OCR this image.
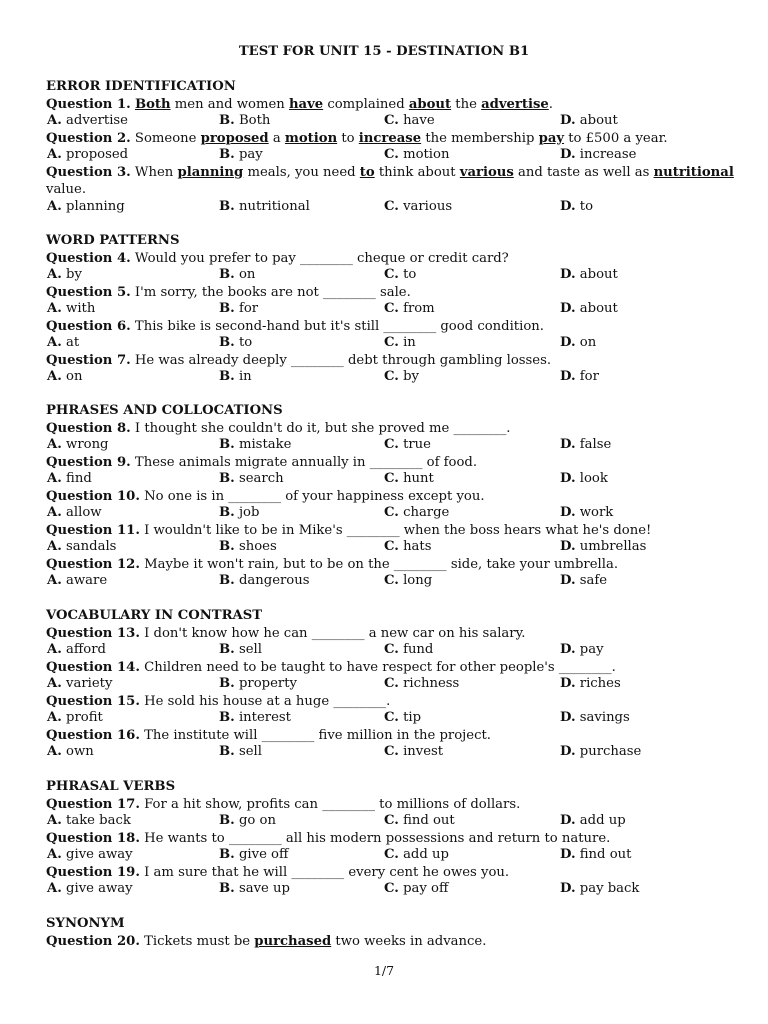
TEST FOR UNIT 15 - DESTINATION B1
ERROR IDENTIFICATION
Question 1. Both men and women have complained about the advertise.
A. advertise	B. Both	C. have	D. about
Question 2. Someone proposed a motion to increase the membership pay to £500 a year.
A. proposed	B. pay	C. motion	D. increase
Question 3. When planning meals, you need to think about various and taste as well as nutritional value.
A. planning	B. nutritional	C. various	D. to
WORD PATTERNS
Question 4. Would you prefer to pay ________ cheque or credit card?
A. by	B. on	C. to	D. about
Question 5. I'm sorry, the books are not ________ sale.
A. with	B. for	C. from	D. about
Question 6. This bike is second-hand but it's still ________ good condition.
A. at	B. to	C. in	D. on
Question 7. He was already deeply ________ debt through gambling losses.
A. on	B. in	C. by	D. for
PHRASES AND COLLOCATIONS
Question 8. I thought she couldn't do it, but she proved me ________.
A. wrong	B. mistake	C. true	D. false
Question 9. These animals migrate annually in ________ of food.
A. find	B. search	C. hunt	D. look
Question 10. No one is in ________ of your happiness except you.
A. allow	B. job	C. charge	D. work
Question 11. I wouldn't like to be in Mike's ________ when the boss hears what he's done!
A. sandals	B. shoes	C. hats	D. umbrellas
Question 12. Maybe it won't rain, but to be on the ________ side, take your umbrella.
A. aware	B. dangerous	C. long	D. safe
VOCABULARY IN CONTRAST
Question 13. I don't know how he can ________ a new car on his salary.
A. afford	B. sell	C. fund	D. pay
Question 14. Children need to be taught to have respect for other people's ________.
A. variety	B. property	C. richness	D. riches
Question 15. He sold his house at a huge ________.
A. profit	B. interest	C. tip	D. savings
Question 16. The institute will ________ five million in the project.
A. own	B. sell	C. invest	D. purchase
PHRASAL VERBS
Question 17. For a hit show, profits can ________ to millions of dollars.
A. take back	B. go on	C. find out	D. add up
Question 18. He wants to ________ all his modern possessions and return to nature.
A. give away	B. give off	C. add up	D. find out
Question 19. I am sure that he will ________ every cent he owes you.
A. give away	B. save up	C. pay off	D. pay back
SYNONYM
Question 20. Tickets must be purchased two weeks in advance.
1/7
